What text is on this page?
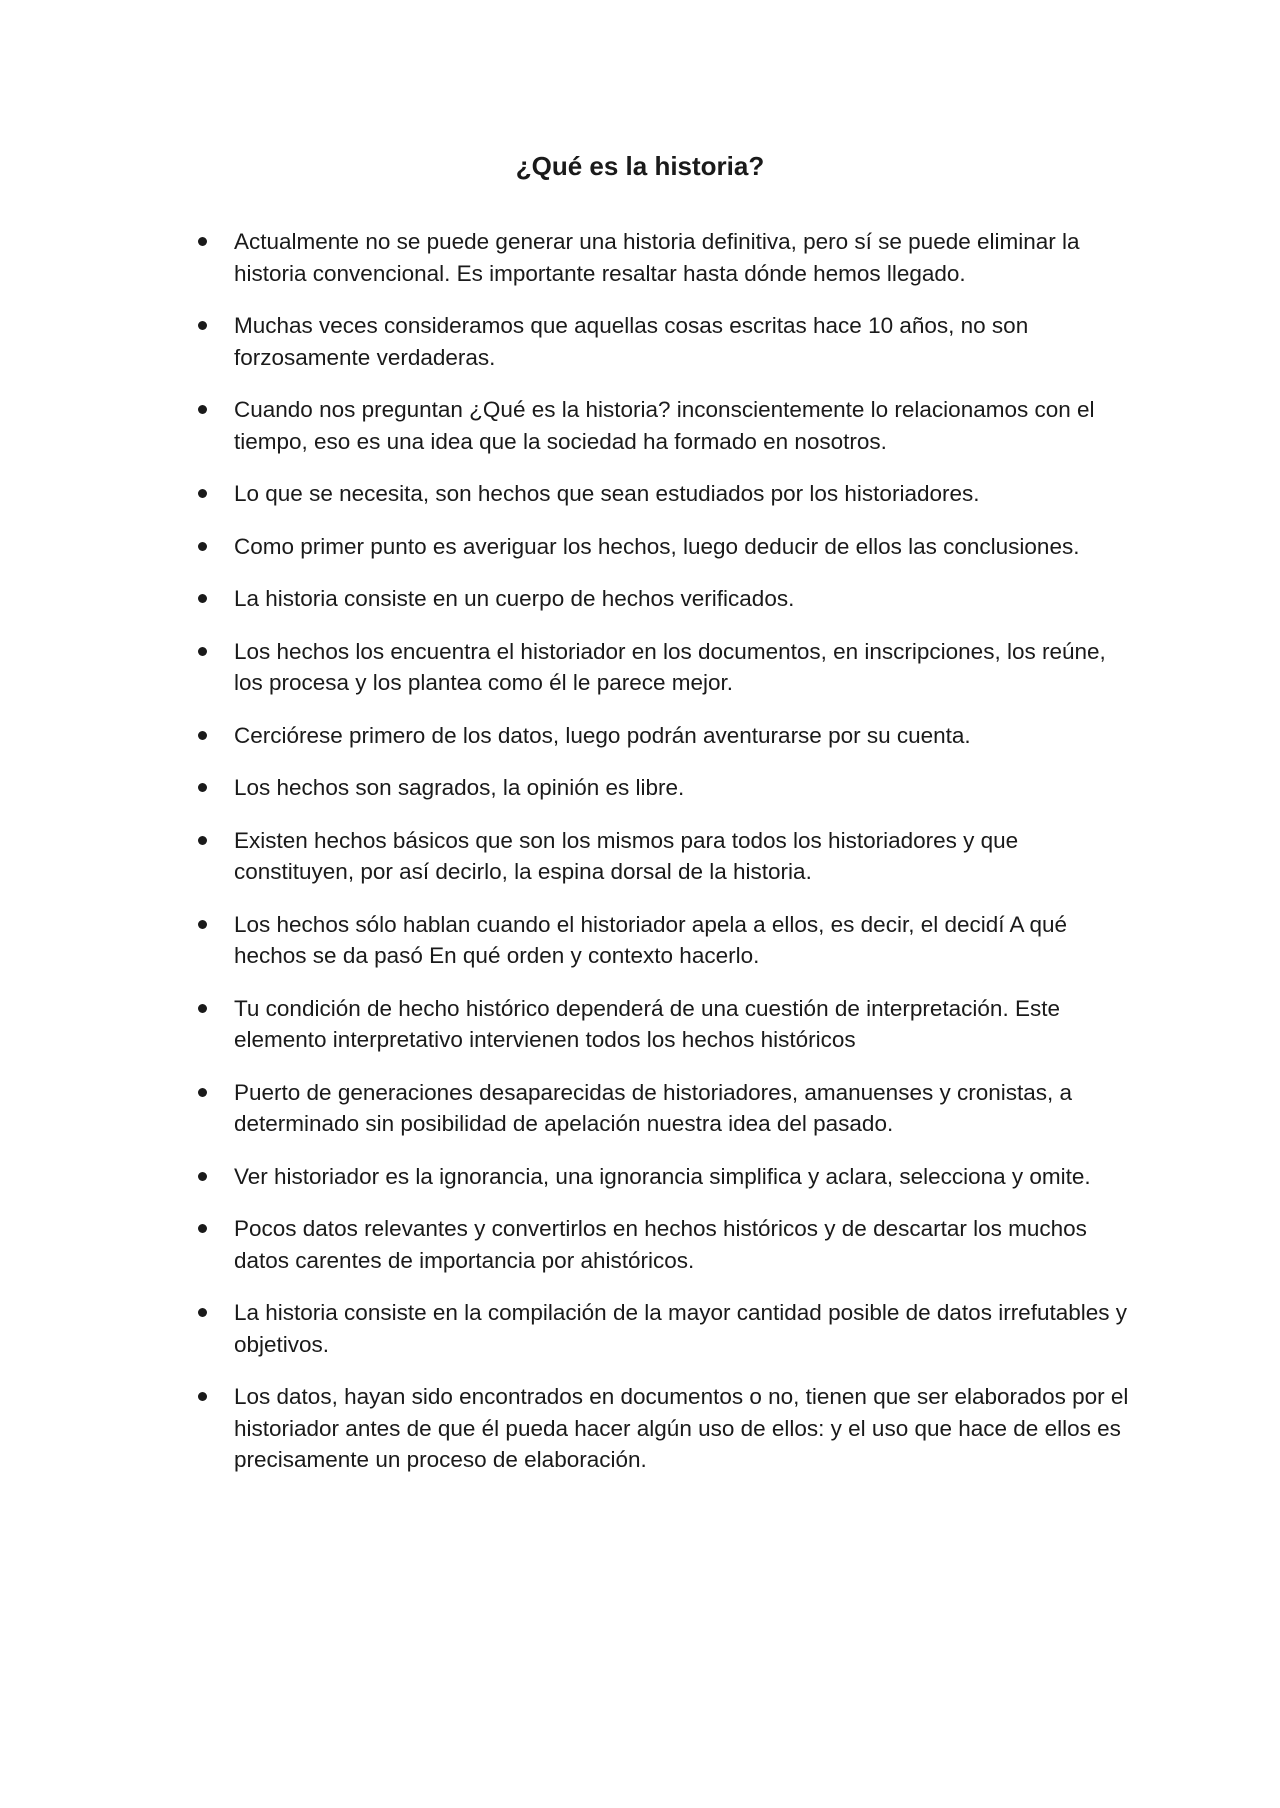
¿Qué es la historia?
Actualmente no se puede generar una historia definitiva, pero sí se puede eliminar la historia convencional. Es importante resaltar hasta dónde hemos llegado.
Muchas veces consideramos que aquellas cosas escritas hace 10 años, no son forzosamente verdaderas.
Cuando nos preguntan ¿Qué es la historia? inconscientemente lo relacionamos con el tiempo, eso es una idea que la sociedad ha formado en nosotros.
Lo que se necesita, son hechos que sean estudiados por los historiadores.
Como primer punto es averiguar los hechos, luego deducir de ellos las conclusiones.
La historia consiste en un cuerpo de hechos verificados.
Los hechos los encuentra el historiador en los documentos, en inscripciones, los reúne, los procesa y los plantea como él le parece mejor.
Cerciórese primero de los datos, luego podrán aventurarse por su cuenta.
Los hechos son sagrados, la opinión es libre.
Existen hechos básicos que son los mismos para todos los historiadores y que constituyen, por así decirlo, la espina dorsal de la historia.
Los hechos sólo hablan cuando el historiador apela a ellos, es decir, el decidí A qué hechos se da pasó En qué orden y contexto hacerlo.
Tu condición de hecho histórico dependerá de una cuestión de interpretación. Este elemento interpretativo intervienen todos los hechos históricos
Puerto de generaciones desaparecidas de historiadores, amanuenses y cronistas, a determinado sin posibilidad de apelación nuestra idea del pasado.
Ver historiador es la ignorancia, una ignorancia simplifica y aclara, selecciona y omite.
Pocos datos relevantes y convertirlos en hechos históricos y de descartar los muchos datos carentes de importancia por ahistóricos.
La historia consiste en la compilación de la mayor cantidad posible de datos irrefutables y objetivos.
Los datos, hayan sido encontrados en documentos o no, tienen que ser elaborados por el historiador antes de que él pueda hacer algún uso de ellos: y el uso que hace de ellos es precisamente un proceso de elaboración.
